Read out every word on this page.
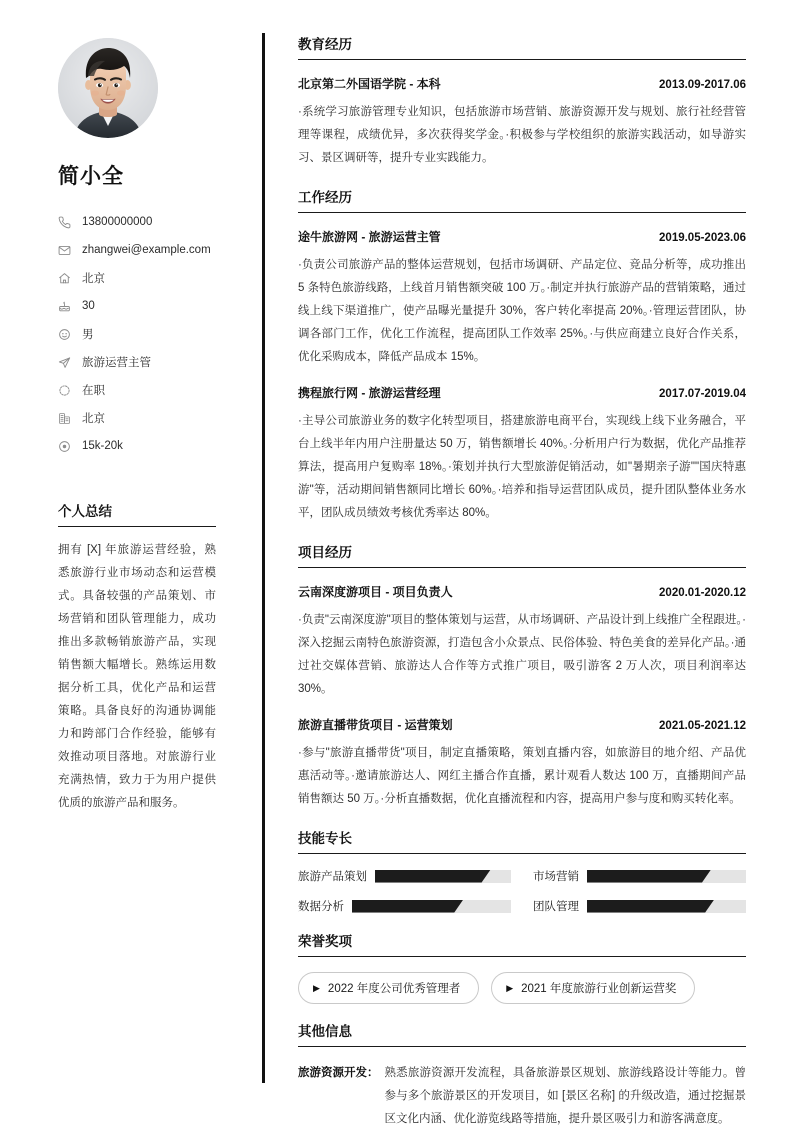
简小全
13800000000
zhangwei@example.com
北京
30
男
旅游运营主管
在职
北京
15k-20k
个人总结

拥有 [X] 年旅游运营经验，熟悉旅游行业市场动态和运营模式。具备较强的产品策划、市场营销和团队管理能力，成功推出多款畅销旅游产品，实现销售额大幅增长。熟练运用数据分析工具，优化产品和运营策略。具备良好的沟通协调能力和跨部门合作经验，能够有效推动项目落地。对旅游行业充满热情，致力于为用户提供优质的旅游产品和服务。

教育经历
北京第二外国语学院 - 本科	2013.09-2017.06

·系统学习旅游管理专业知识，包括旅游市场营销、旅游资源开发与规划、旅行社经营管理等课程，成绩优异，多次获得奖学金。·积极参与学校组织的旅游实践活动，如导游实习、景区调研等，提升专业实践能力。

工作经历
途牛旅游网 - 旅游运营主管	2019.05-2023.06

·负责公司旅游产品的整体运营规划，包括市场调研、产品定位、竞品分析等，成功推出 5 条特色旅游线路，上线首月销售额突破 100 万。·制定并执行旅游产品的营销策略，通过线上线下渠道推广，使产品曝光量提升 30%，客户转化率提高 20%。·管理运营团队，协调各部门工作，优化工作流程，提高团队工作效率 25%。·与供应商建立良好合作关系，优化采购成本，降低产品成本 15%。

携程旅行网 - 旅游运营经理	2017.07-2019.04

·主导公司旅游业务的数字化转型项目，搭建旅游电商平台，实现线上线下业务融合，平台上线半年内用户注册量达 50 万，销售额增长 40%。·分析用户行为数据，优化产品推荐算法，提高用户复购率 18%。·策划并执行大型旅游促销活动，如"暑期亲子游""国庆特惠游"等，活动期间销售额同比增长 60%。·培养和指导运营团队成员，提升团队整体业务水平，团队成员绩效考核优秀率达 80%。

项目经历
云南深度游项目 - 项目负责人	2020.01-2020.12

·负责"云南深度游"项目的整体策划与运营，从市场调研、产品设计到上线推广全程跟进。·深入挖掘云南特色旅游资源，打造包含小众景点、民俗体验、特色美食的差异化产品。·通过社交媒体营销、旅游达人合作等方式推广项目，吸引游客 2 万人次，项目利润率达 30%。

旅游直播带货项目 - 运营策划	2021.05-2021.12

·参与"旅游直播带货"项目，制定直播策略，策划直播内容，如旅游目的地介绍、产品优惠活动等。·邀请旅游达人、网红主播合作直播，累计观看人数达 100 万，直播期间产品销售额达 50 万。·分析直播数据，优化直播流程和内容，提高用户参与度和购买转化率。

技能专长
旅游产品策划	市场营销
数据分析	团队管理
荣誉奖项
▶ 2022 年度公司优秀管理者	▶ 2021 年度旅游行业创新运营奖
其他信息
旅游资源开发 ： 熟悉旅游资源开发流程，具备旅游景区规划、旅游线路设计等能力。曾参与多个旅游景区的开发项目，如 [景区名称] 的升级改造，通过挖掘景区文化内涵、优化游览线路等措施，提升景区吸引力和游客满意度。
